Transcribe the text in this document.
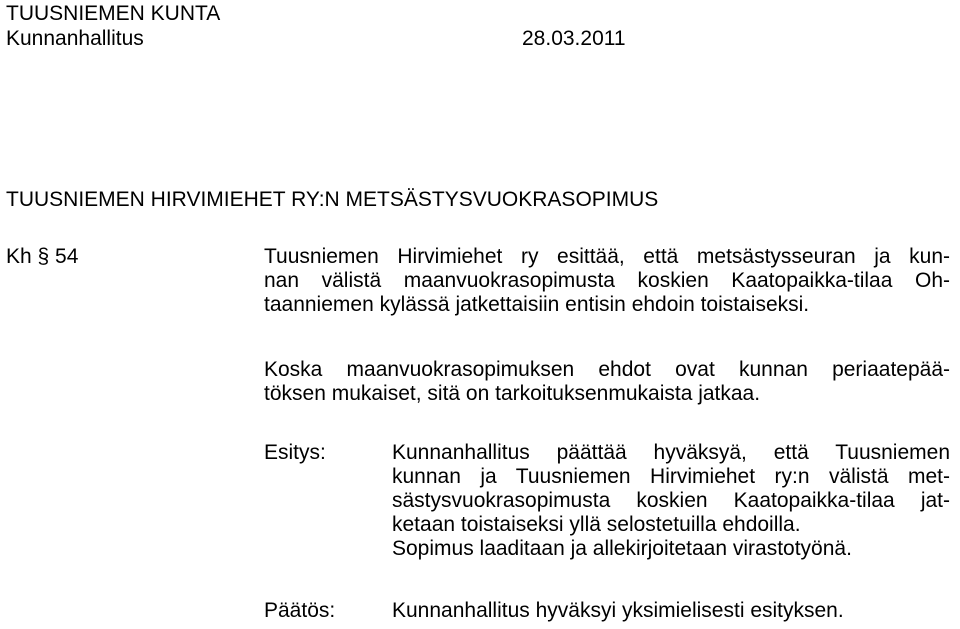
TUUSNIEMEN KUNTA
Kunnanhallitus	28.03.2011
TUUSNIEMEN HIRVIMIEHET RY:N METSÄSTYSVUOKRASOPIMUS
Kh § 54	Tuusniemen Hirvimiehet ry esittää, että metsästysseuran ja kun-
nan välistä maanvuokrasopimusta koskien Kaatopaikka-tilaa Oh-
taanniemen kylässä jatkettaisiin entisin ehdoin toistaiseksi.
Koska maanvuokrasopimuksen ehdot ovat kunnan periaatepää-
töksen mukaiset, sitä on tarkoituksenmukaista jatkaa.
Esitys:	Kunnanhallitus päättää hyväksyä, että Tuusniemen
kunnan ja Tuusniemen Hirvimiehet ry:n välistä met-
sästysvuokrasopimusta koskien Kaatopaikka-tilaa jat-
ketaan toistaiseksi yllä selostetuilla ehdoilla.
Sopimus laaditaan ja allekirjoitetaan virastotyönä.
Päätös:	Kunnanhallitus hyväksyi yksimielisesti esityksen.
